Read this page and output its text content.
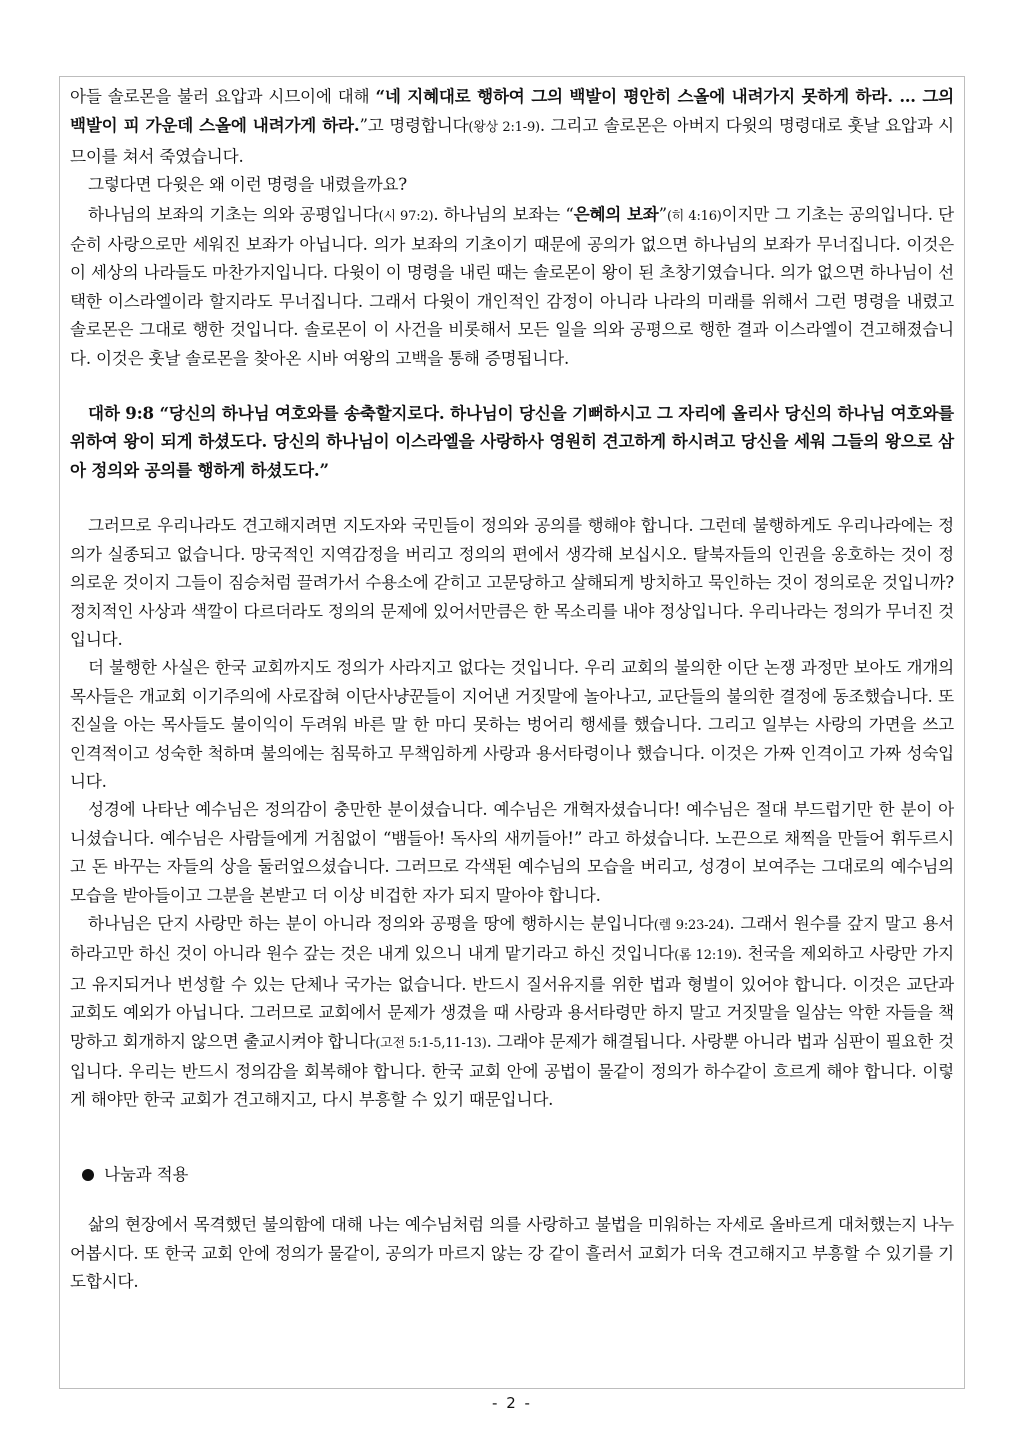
아들 솔로몬을 불러 요압과 시므이에 대해 “네 지혜대로 행하여 그의 백발이 평안히 스올에 내려가지 못하게 하라. … 그의 백발이 피 가운데 스올에 내려가게 하라.”고 명령합니다(왕상 2:1-9). 그리고 솔로몬은 아버지 다윗의 명령대로 훗날 요압과 시므이를 쳐서 죽였습니다.

그렇다면 다윗은 왜 이런 명령을 내렸을까요?

하나님의 보좌의 기초는 의와 공평입니다(시 97:2). 하나님의 보좌는 “은혜의 보좌”(히 4:16)이지만 그 기초는 공의입니다. 단순히 사랑으로만 세워진 보좌가 아닙니다. 의가 보좌의 기초이기 때문에 공의가 없으면 하나님의 보좌가 무너집니다. 이것은 이 세상의 나라들도 마찬가지입니다. 다윗이 이 명령을 내린 때는 솔로몬이 왕이 된 초창기였습니다. 의가 없으면 하나님이 선택한 이스라엘이라 할지라도 무너집니다. 그래서 다윗이 개인적인 감정이 아니라 나라의 미래를 위해서 그런 명령을 내렸고 솔로몬은 그대로 행한 것입니다. 솔로몬이 이 사건을 비롯해서 모든 일을 의와 공평으로 행한 결과 이스라엘이 견고해졌습니다. 이것은 훗날 솔로몬을 찾아온 시바 여왕의 고백을 통해 증명됩니다.

대하 9:8 “당신의 하나님 여호와를 송축할지로다. 하나님이 당신을 기뻐하시고 그 자리에 올리사 당신의 하나님 여호와를 위하여 왕이 되게 하셨도다. 당신의 하나님이 이스라엘을 사랑하사 영원히 견고하게 하시려고 당신을 세워 그들의 왕으로 삼아 정의와 공의를 행하게 하셨도다.”

그러므로 우리나라도 견고해지려면 지도자와 국민들이 정의와 공의를 행해야 합니다. 그런데 불행하게도 우리나라에는 정의가 실종되고 없습니다. 망국적인 지역감정을 버리고 정의의 편에서 생각해 보십시오. 탈북자들의 인권을 옹호하는 것이 정의로운 것이지 그들이 짐승처럼 끌려가서 수용소에 갇히고 고문당하고 살해되게 방치하고 묵인하는 것이 정의로운 것입니까? 정치적인 사상과 색깔이 다르더라도 정의의 문제에 있어서만큼은 한 목소리를 내야 정상입니다. 우리나라는 정의가 무너진 것입니다.

더 불행한 사실은 한국 교회까지도 정의가 사라지고 없다는 것입니다. 우리 교회의 불의한 이단 논쟁 과정만 보아도 개개의 목사들은 개교회 이기주의에 사로잡혀 이단사냥꾼들이 지어낸 거짓말에 놀아나고, 교단들의 불의한 결정에 동조했습니다. 또 진실을 아는 목사들도 불이익이 두려워 바른 말 한 마디 못하는 벙어리 행세를 했습니다. 그리고 일부는 사랑의 가면을 쓰고 인격적이고 성숙한 척하며 불의에는 침묵하고 무책임하게 사랑과 용서타령이나 했습니다. 이것은 가짜 인격이고 가짜 성숙입니다.

성경에 나타난 예수님은 정의감이 충만한 분이셨습니다. 예수님은 개혁자셨습니다! 예수님은 절대 부드럽기만 한 분이 아니셨습니다. 예수님은 사람들에게 거침없이 “뱀들아! 독사의 새끼들아!” 라고 하셨습니다. 노끈으로 채찍을 만들어 휘두르시고 돈 바꾸는 자들의 상을 둘러엎으셨습니다. 그러므로 각색된 예수님의 모습을 버리고, 성경이 보여주는 그대로의 예수님의 모습을 받아들이고 그분을 본받고 더 이상 비겁한 자가 되지 말아야 합니다.

하나님은 단지 사랑만 하는 분이 아니라 정의와 공평을 땅에 행하시는 분입니다(렘 9:23-24). 그래서 원수를 갚지 말고 용서하라고만 하신 것이 아니라 원수 갚는 것은 내게 있으니 내게 맡기라고 하신 것입니다(롬 12:19). 천국을 제외하고 사랑만 가지고 유지되거나 번성할 수 있는 단체나 국가는 없습니다. 반드시 질서유지를 위한 법과 형벌이 있어야 합니다. 이것은 교단과 교회도 예외가 아닙니다. 그러므로 교회에서 문제가 생겼을 때 사랑과 용서타령만 하지 말고 거짓말을 일삼는 악한 자들을 책망하고 회개하지 않으면 출교시켜야 합니다(고전 5:1-5,11-13). 그래야 문제가 해결됩니다. 사랑뿐 아니라 법과 심판이 필요한 것입니다. 우리는 반드시 정의감을 회복해야 합니다. 한국 교회 안에 공법이 물같이 정의가 하수같이 흐르게 해야 합니다. 이렇게 해야만 한국 교회가 견고해지고, 다시 부흥할 수 있기 때문입니다.

나눔과 적용

삶의 현장에서 목격했던 불의함에 대해 나는 예수님처럼 의를 사랑하고 불법을 미워하는 자세로 올바르게 대처했는지 나누어봅시다. 또 한국 교회 안에 정의가 물같이, 공의가 마르지 않는 강 같이 흘러서 교회가 더욱 견고해지고 부흥할 수 있기를 기도합시다.

- 2 -
